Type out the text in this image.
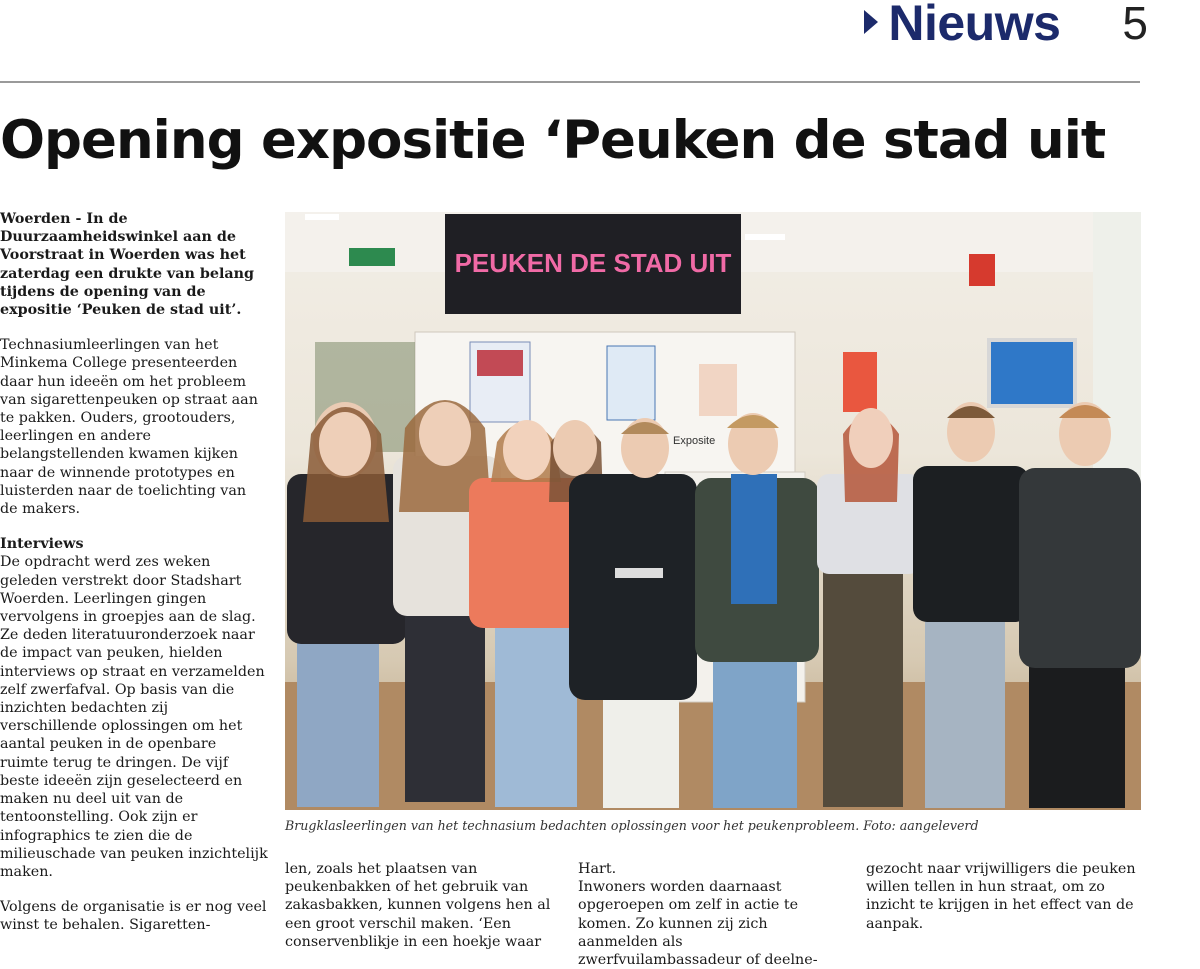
Nieuws 5
Opening expositie ‘Peuken de stad uit

Woerden - In de Duurzaamheidswinkel aan de Voorstraat in Woerden was het zaterdag een drukte van belang tijdens de opening van de expositie ‘Peuken de stad uit’.

Technasiumleerlingen van het Minkema College presenteerden daar hun ideeën om het probleem van sigarettenpeuken op straat aan te pakken. Ouders, grootouders, leerlingen en andere belangstellenden kwamen kijken naar de winnende prototypes en luisterden naar de toelichting van de makers.

Interviews

De opdracht werd zes weken geleden verstrekt door Stadshart Woerden. Leerlingen gingen vervolgens in groepjes aan de slag. Ze deden literatuuronderzoek naar de impact van peuken, hielden interviews op straat en verzamelden zelf zwerfafval. Op basis van die inzichten bedachten zij verschillende oplossingen om het aantal peuken in de openbare ruimte terug te dringen. De vijf beste ideeën zijn geselecteerd en maken nu deel uit van de tentoonstelling. Ook zijn er infographics te zien die de milieuschade van peuken inzichtelijk maken.

Volgens de organisatie is er nog veel winst te behalen. Sigaretten-

PEUKEN DE STAD UIT
Exposite
Brugklasleerlingen van het technasium bedachten oplossingen voor het peukenprobleem. Foto: aangeleverd

len, zoals het plaatsen van peukenbakken of het gebruik van zakasbakken, kunnen volgens hen al een groot verschil maken. ‘Een conservenblikje in een hoekje waar

Hart.
Inwoners worden daarnaast opgeroepen om zelf in actie te komen. Zo kunnen zij zich aanmelden als zwerfvuilambassadeur of deelne-

gezocht naar vrijwilligers die peuken willen tellen in hun straat, om zo inzicht te krijgen in het effect van de aanpak.
